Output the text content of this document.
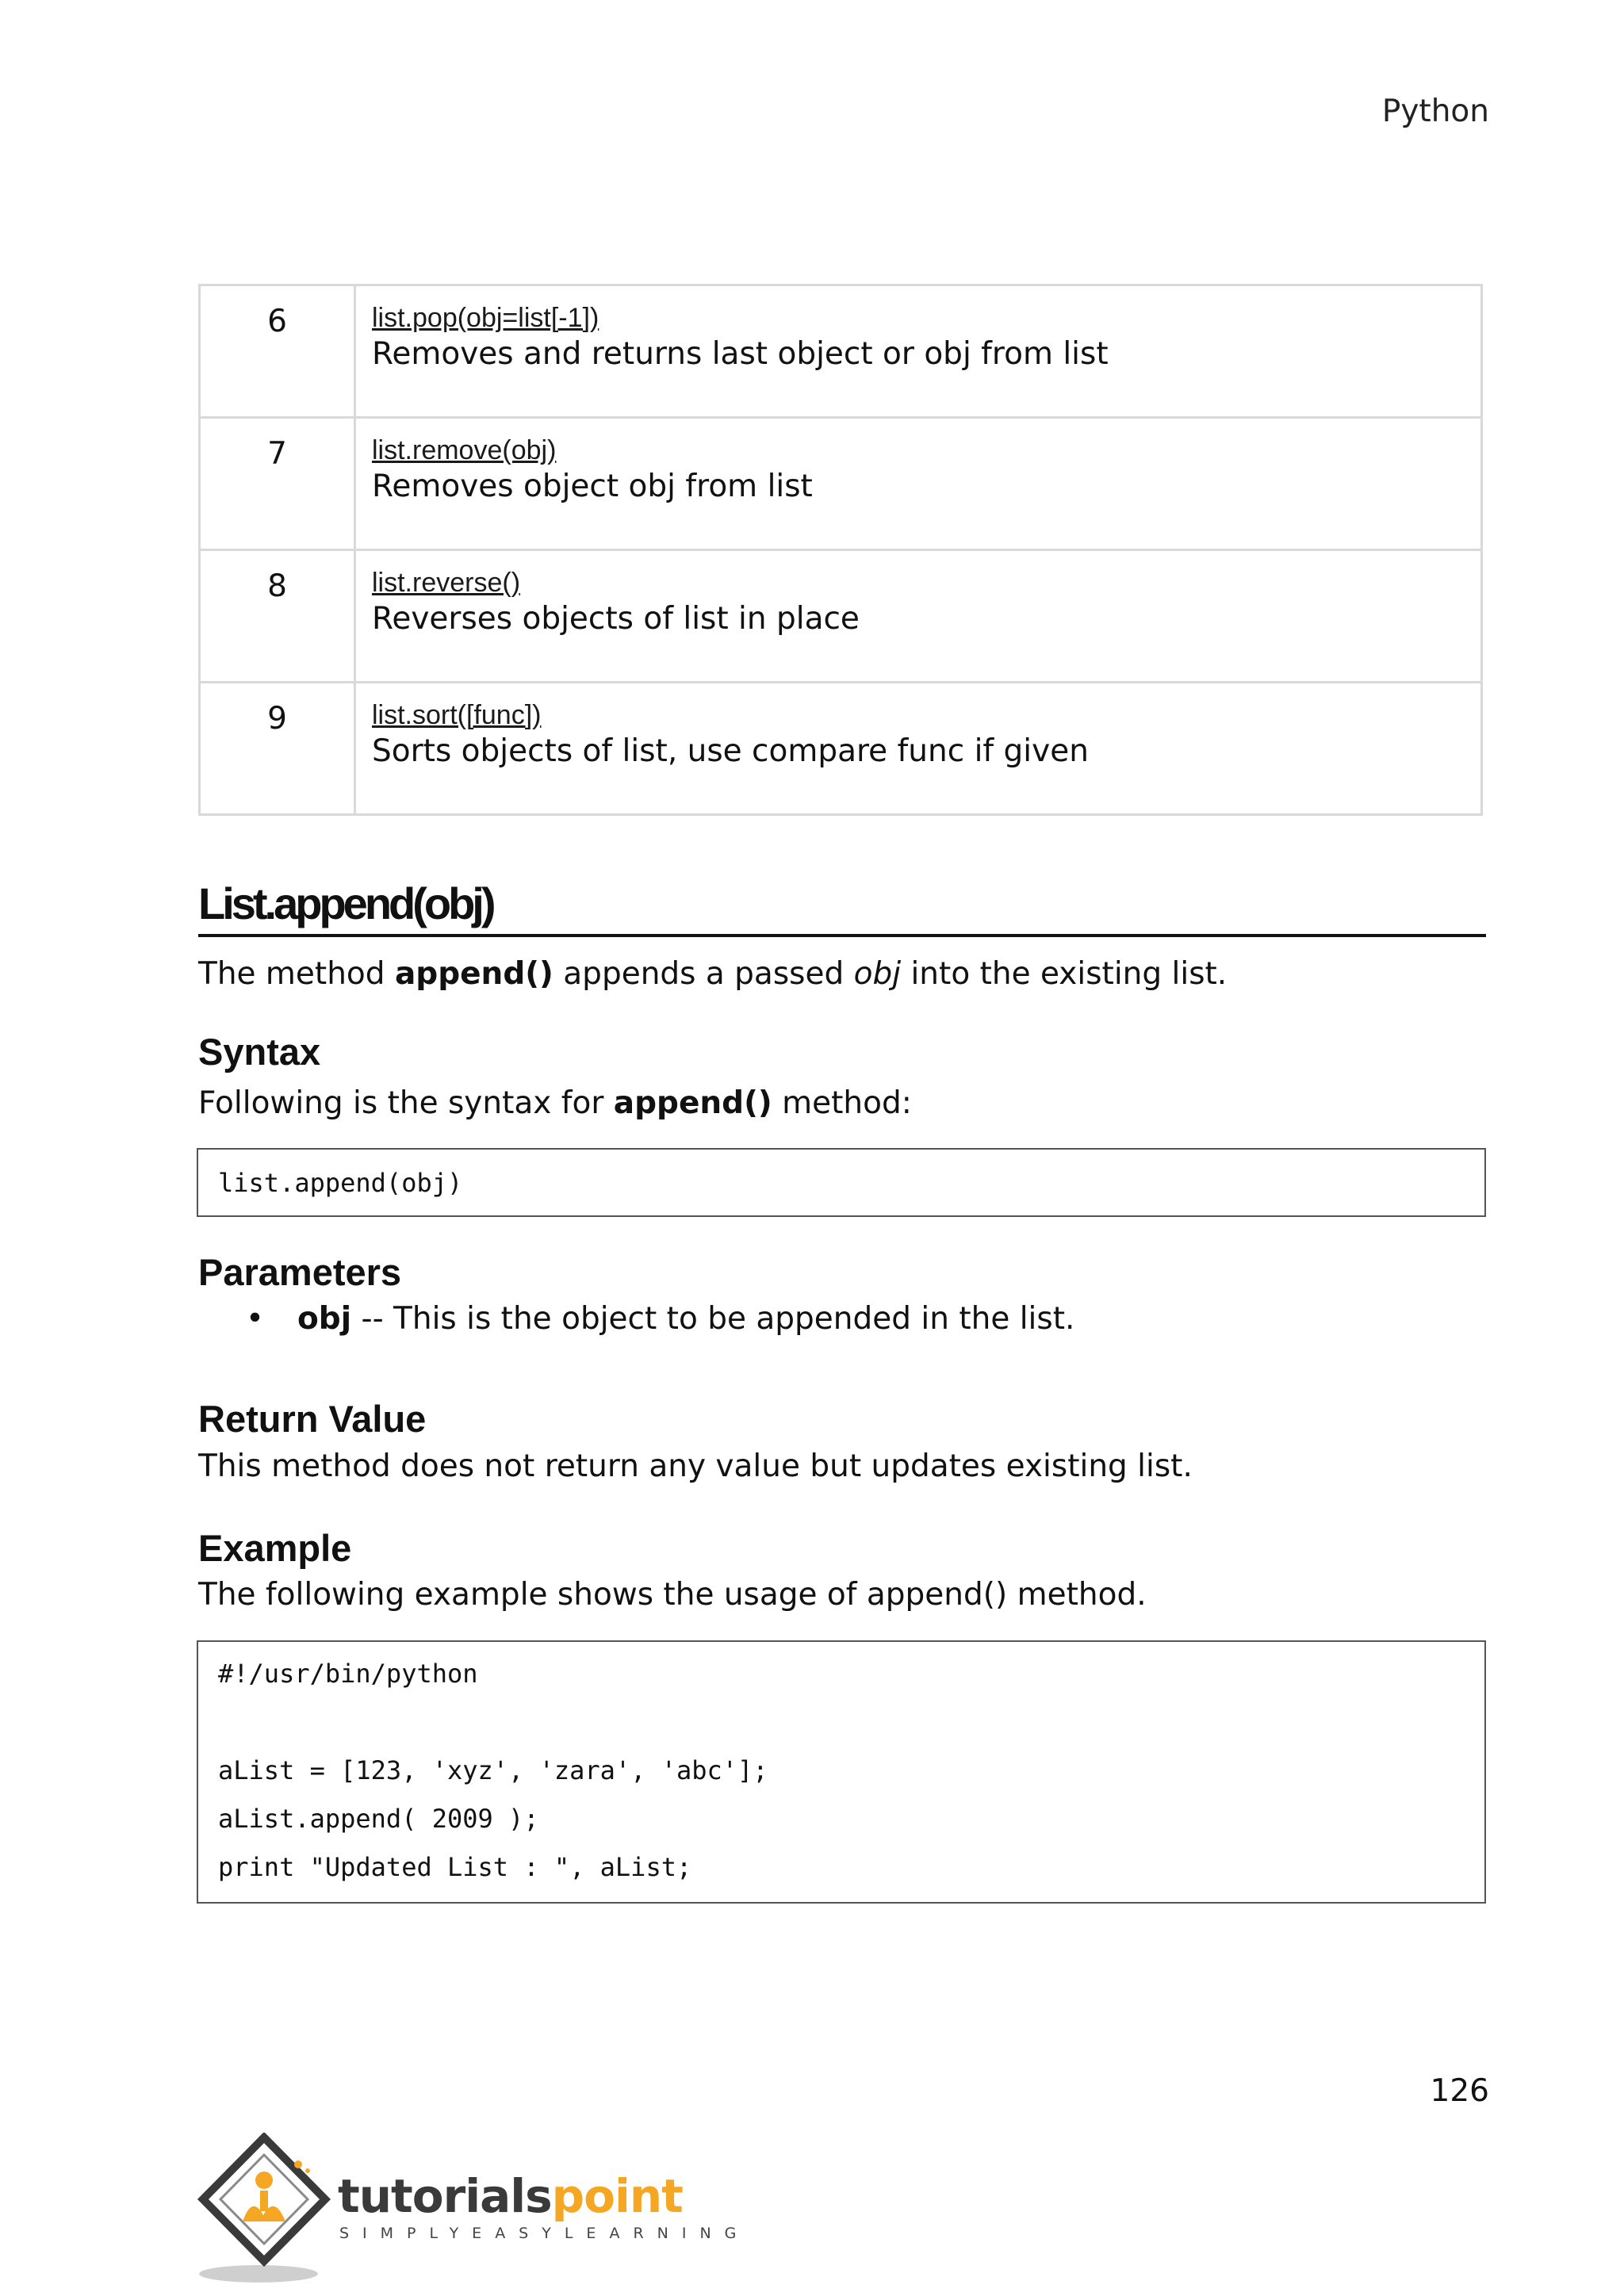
Python
6	list.pop(obj=list[-1])
Removes and returns last object or obj from list

7	list.remove(obj)
Removes object obj from list

8	list.reverse()
Reverses objects of list in place

9	list.sort([func])
Sorts objects of list, use compare func if given
List.append(obj)
The method append() appends a passed obj into the existing list.
Syntax
Following is the syntax for append() method:
list.append(obj)
Parameters
• obj -- This is the object to be appended in the list.
Return Value
This method does not return any value but updates existing list.
Example
The following example shows the usage of append() method.
#!/usr/bin/python
aList = [123, 'xyz', 'zara', 'abc'];
aList.append( 2009 );
print "Updated List : ", aList;
126
tutorialspoint
SIMPLYEASYLEARNING
